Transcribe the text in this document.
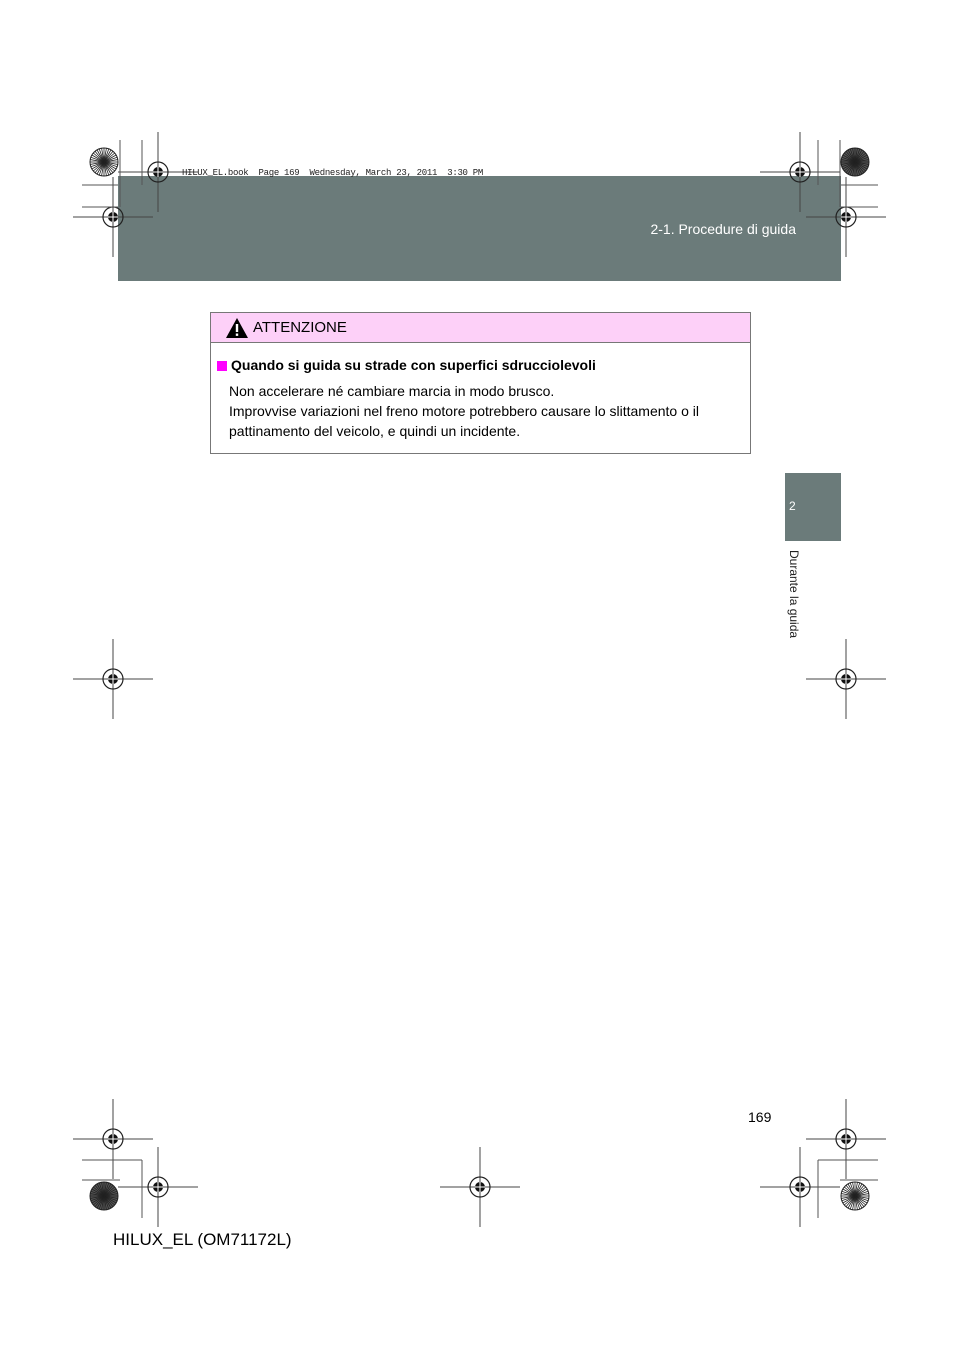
2-1. Procedure di guida
HILUX_EL.book  Page 169  Wednesday, March 23, 2011  3:30 PM
2
Durante la guida
ATTENZIONE
Quando si guida su strade con superfici sdrucciolevoli
Non accelerare né cambiare marcia in modo brusco.
Improvvise variazioni nel freno motore potrebbero causare lo slittamento o il pattinamento del veicolo, e quindi un incidente.
169
HILUX_EL (OM71172L)
